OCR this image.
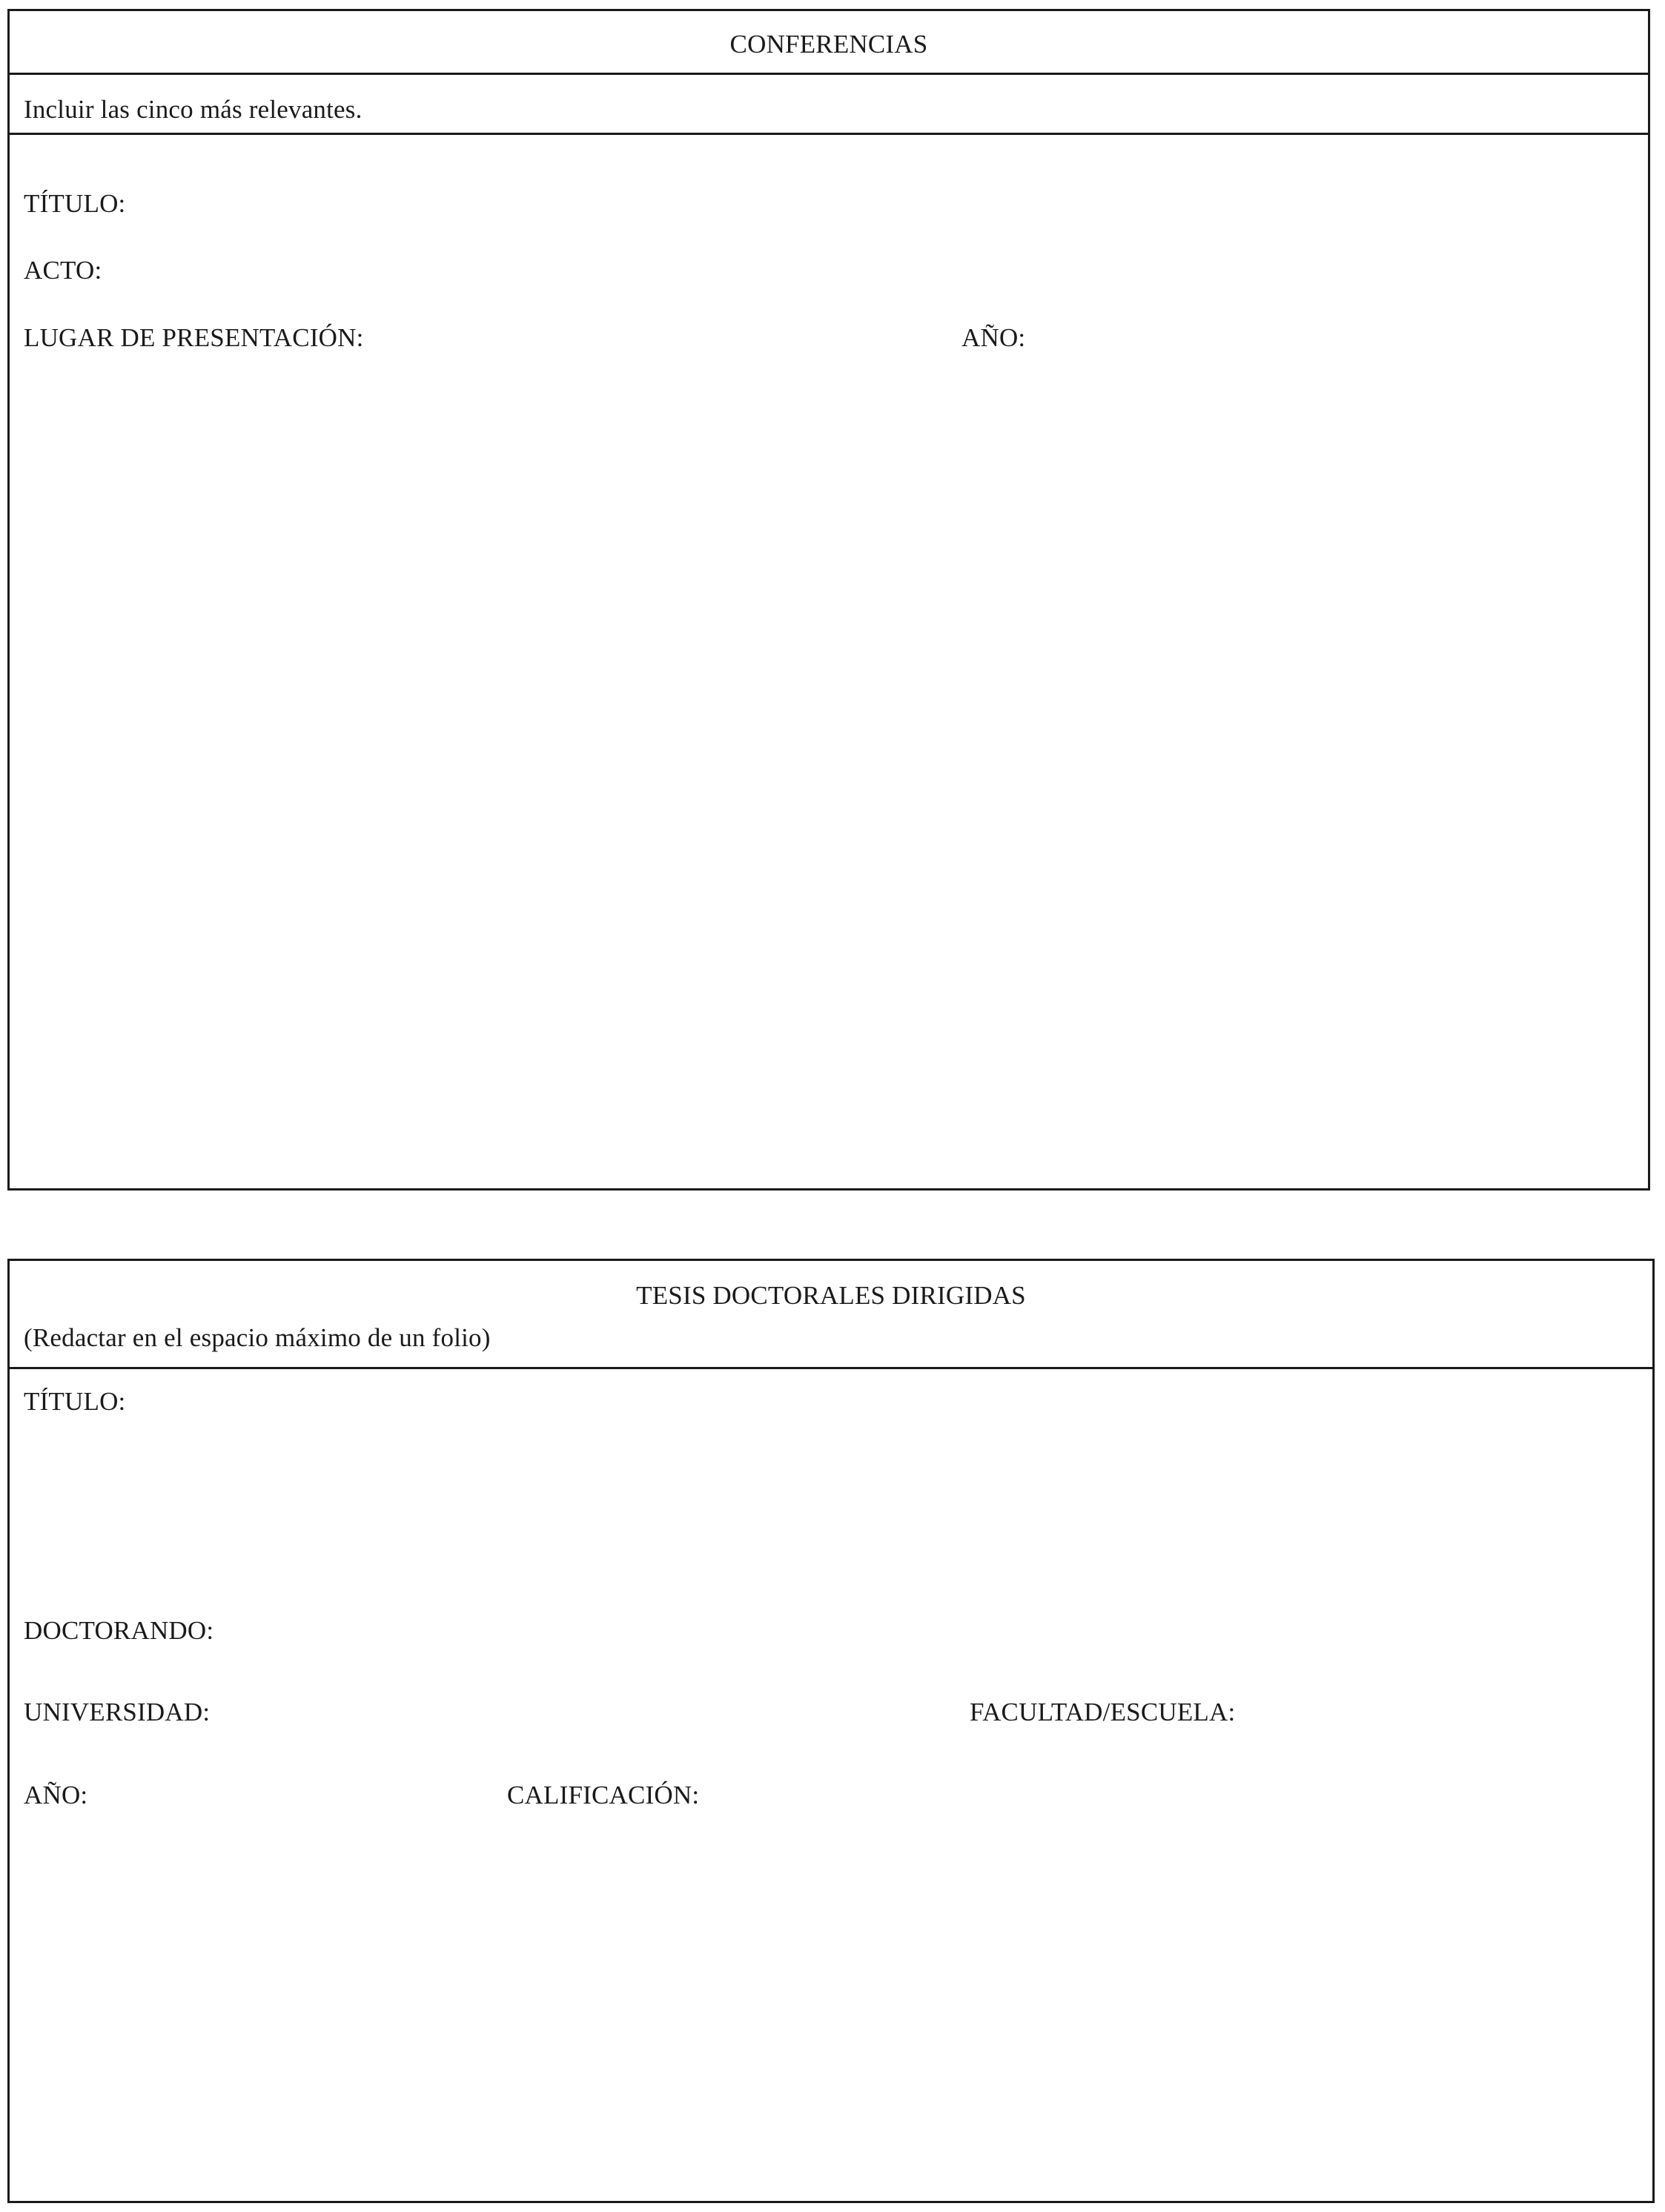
CONFERENCIAS
Incluir las cinco más relevantes.
TÍTULO:
ACTO:
LUGAR DE PRESENTACIÓN:	AÑO:
TESIS DOCTORALES DIRIGIDAS
(Redactar en el espacio máximo de un folio)
TÍTULO:
DOCTORANDO:
UNIVERSIDAD:	FACULTAD/ESCUELA:
AÑO:	CALIFICACIÓN:
